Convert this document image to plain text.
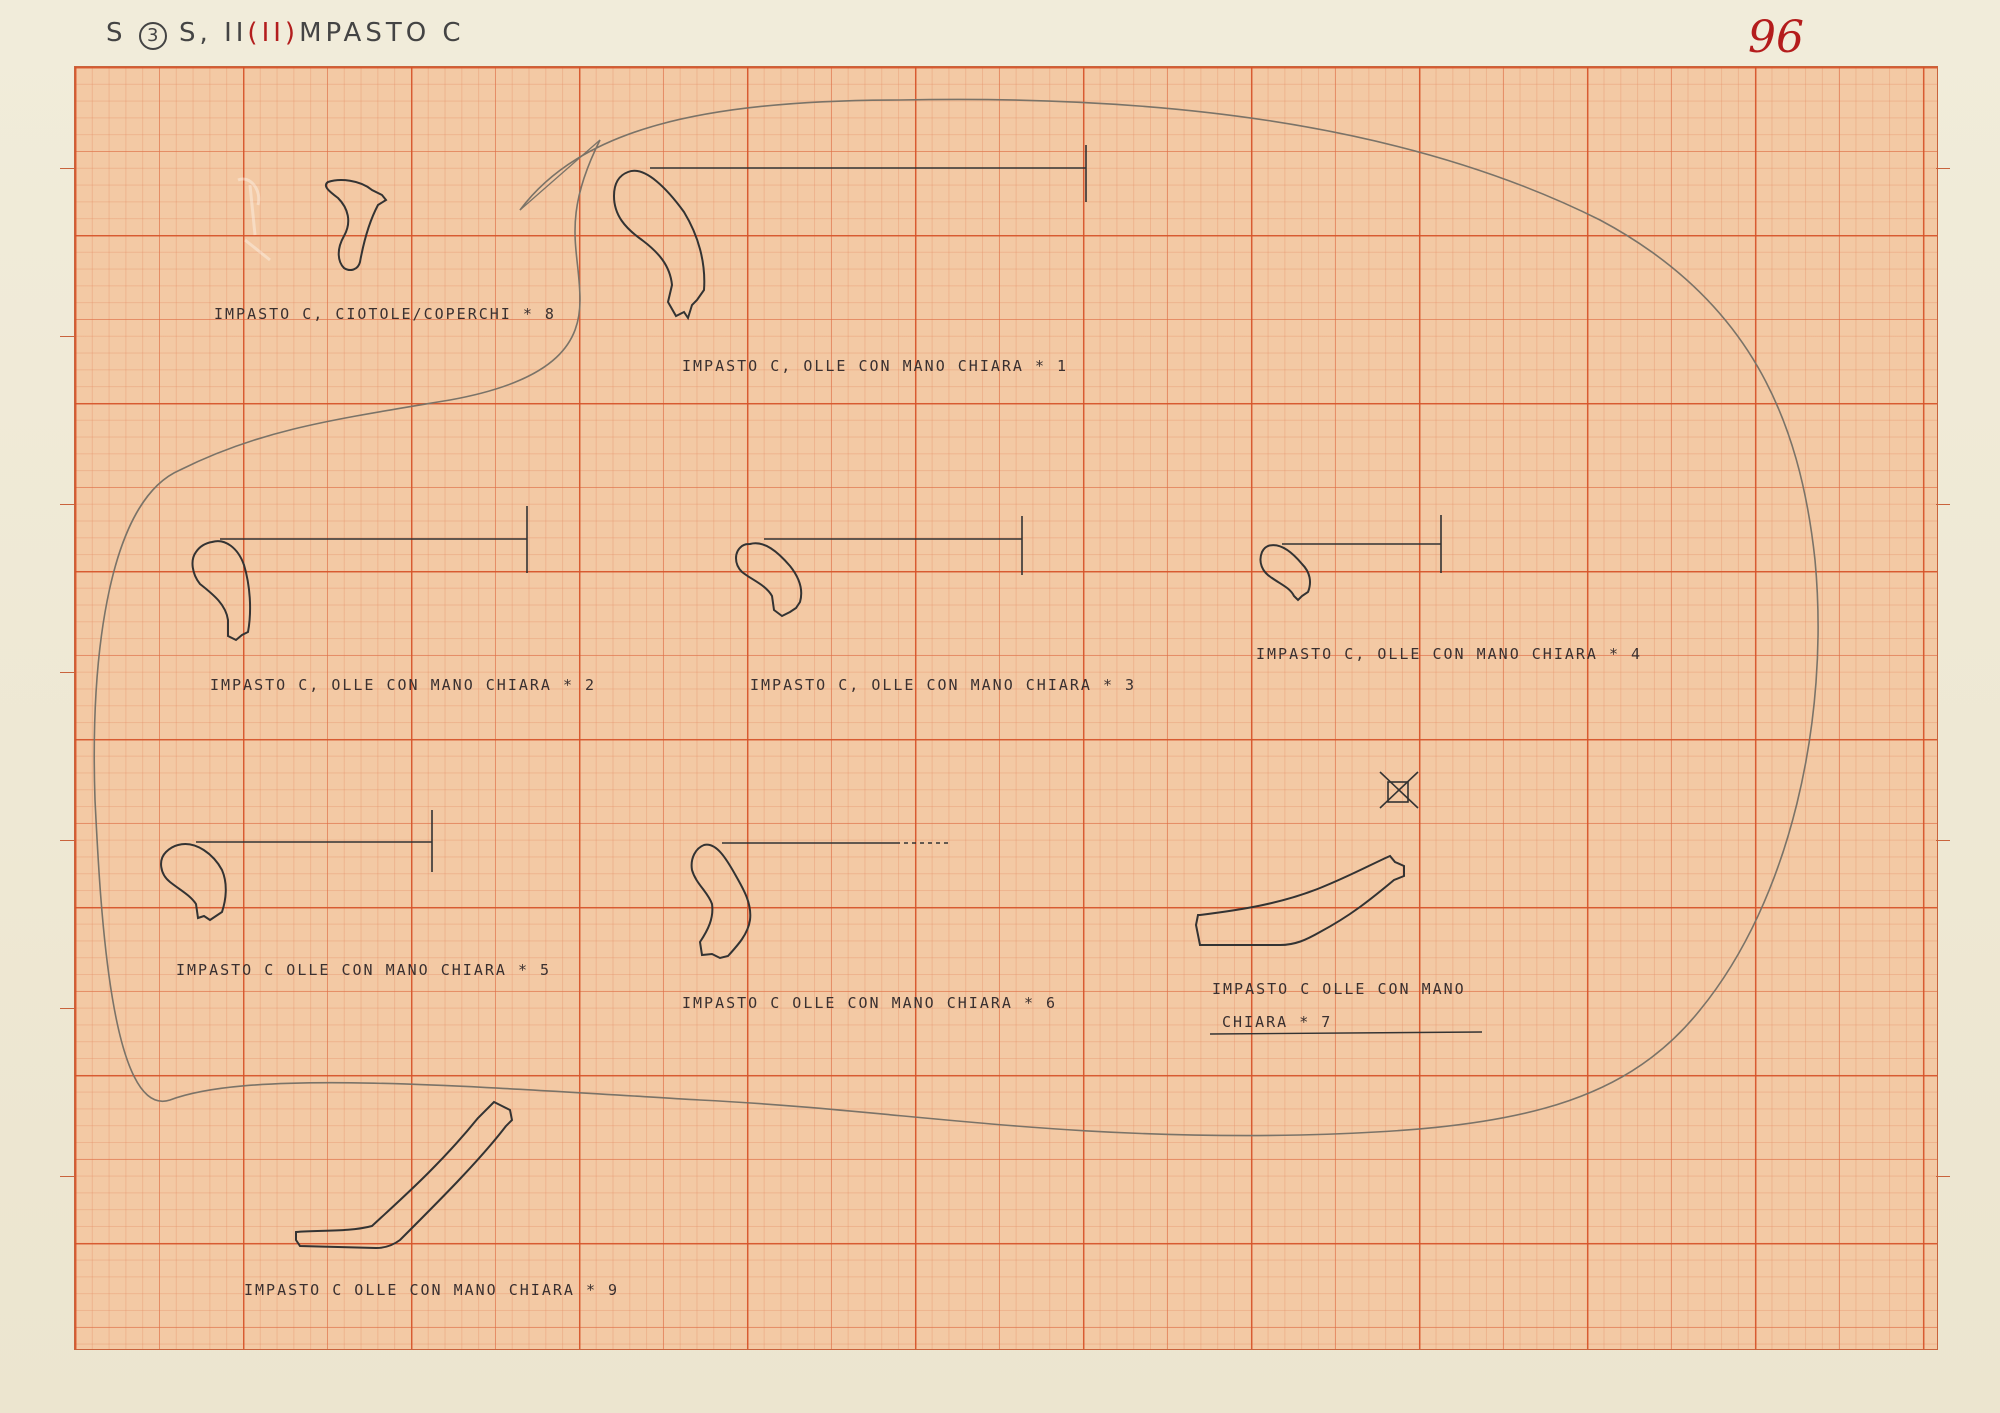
S 3 S, II(II)MPASTO C	96
IMPASTO C, CIOTOLE/COPERCHI * 8
IMPASTO C, OLLE CON MANO CHIARA * 1
IMPASTO C, OLLE CON MANO CHIARA * 2	IMPASTO C, OLLE CON MANO CHIARA * 3
IMPASTO C, OLLE CON MANO CHIARA * 4
IMPASTO C OLLE CON MANO CHIARA * 5
IMPASTO C OLLE CON MANO CHIARA * 6
IMPASTO C OLLE CON MANO
CHIARA * 7
IMPASTO C OLLE CON MANO CHIARA * 9
